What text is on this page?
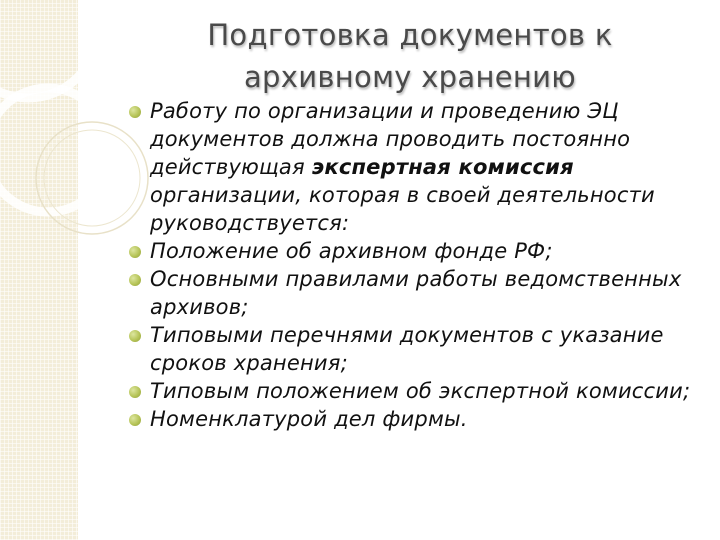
Подготовка документов к
архивному хранению
Работу по организации и проведению ЭЦ документов должна проводить постоянно действующая экспертная комиссия организации, которая в своей деятельности руководствуется:
Положение об архивном фонде РФ;
Основными правилами работы ведомственных архивов;
Типовыми перечнями документов с указание сроков хранения;
Типовым положением об экспертной комиссии;
Номенклатурой дел фирмы.
